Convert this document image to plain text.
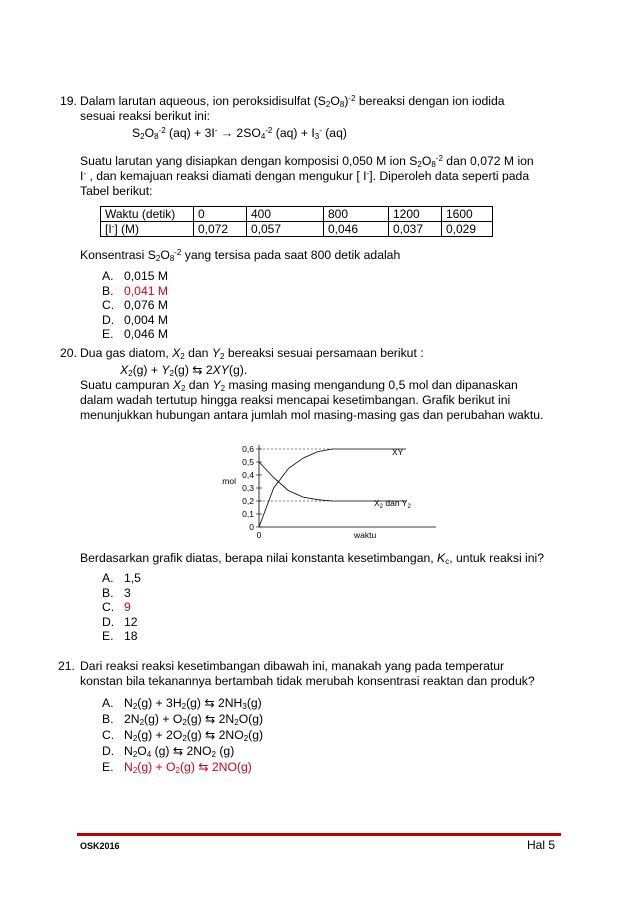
19. Dalam larutan aqueous, ion peroksidisulfat $(S_2O_8)^{-2}$ bereaksi dengan ion iodida
sesuai reaksi berikut ini:
$S_2O_8^{-2}$ $(aq) + 3I^- \to 2SO_4^{-2}$ $(aq) + I_3^-$ (aq)
Suatu larutan yang disiapkan dengan komposisi 0,050 M ion $S_2O_8^{-2}$ dan 0,072 M ion
I- , dan kemajuan reaksi diamati dengan mengukur [ I-]. Diperoleh data seperti pada
Tabel berikut:
Waktu (detik)	0	400	800	1200	1600
[I-] (M)	0,072	0,057	0,046	0,037	0,029
Konsentrasi $S_2O_8^{-2}$ yang tersisa pada saat 800 detik adalah
A. 0,015 M
B. 0,041 M
C. 0,076 M
D. 0,004 M
E. 0,046 M
20. Dua gas diatom, $X_2$ dan $Y_2$ bereaksi sesuai persamaan berikut :
$X_2(g) + Y_2(g)$ ⇆ 2XY(g).
Suatu campuran $X_2$ dan $Y_2$ masing masing mengandung 0,5 mol dan dipanaskan
dalam wadah tertutup hingga reaksi mencapai kesetimbangan. Grafik berikut ini
menunjukkan hubungan antara jumlah mol masing-masing gas dan perubahan waktu.
0,6
0,5
0,4
0,3
0,2
0,1
0
mol
waktu
0
XY
$X_2$ dan $Y_2$
Berdasarkan grafik diatas, berapa nilai konstanta kesetimbangan, $K_c$, untuk reaksi ini?
A. 1,5
B. 3
C. 9
D. 12
E. 18
21. Dari reaksi reaksi kesetimbangan dibawah ini, manakah yang pada temperatur
konstan bila tekanannya bertambah tidak merubah konsentrasi reaktan dan produk?
A. $N_2(g) + 3H_2(g)$ ⇆ $2NH_3(g)$
B. $2N_2(g) + O_2(g)$ ⇆ $2N_2O(g)$
C. $N_2(g) + 2O_2(g)$ ⇆ $2NO_2(g)$
D. $N_2O_4$ (g) ⇆ $2NO_2$ (g)
E. $N_2(g) + O_2(g)$ ⇆ 2NO(g)
OSK2016	Hal 5
